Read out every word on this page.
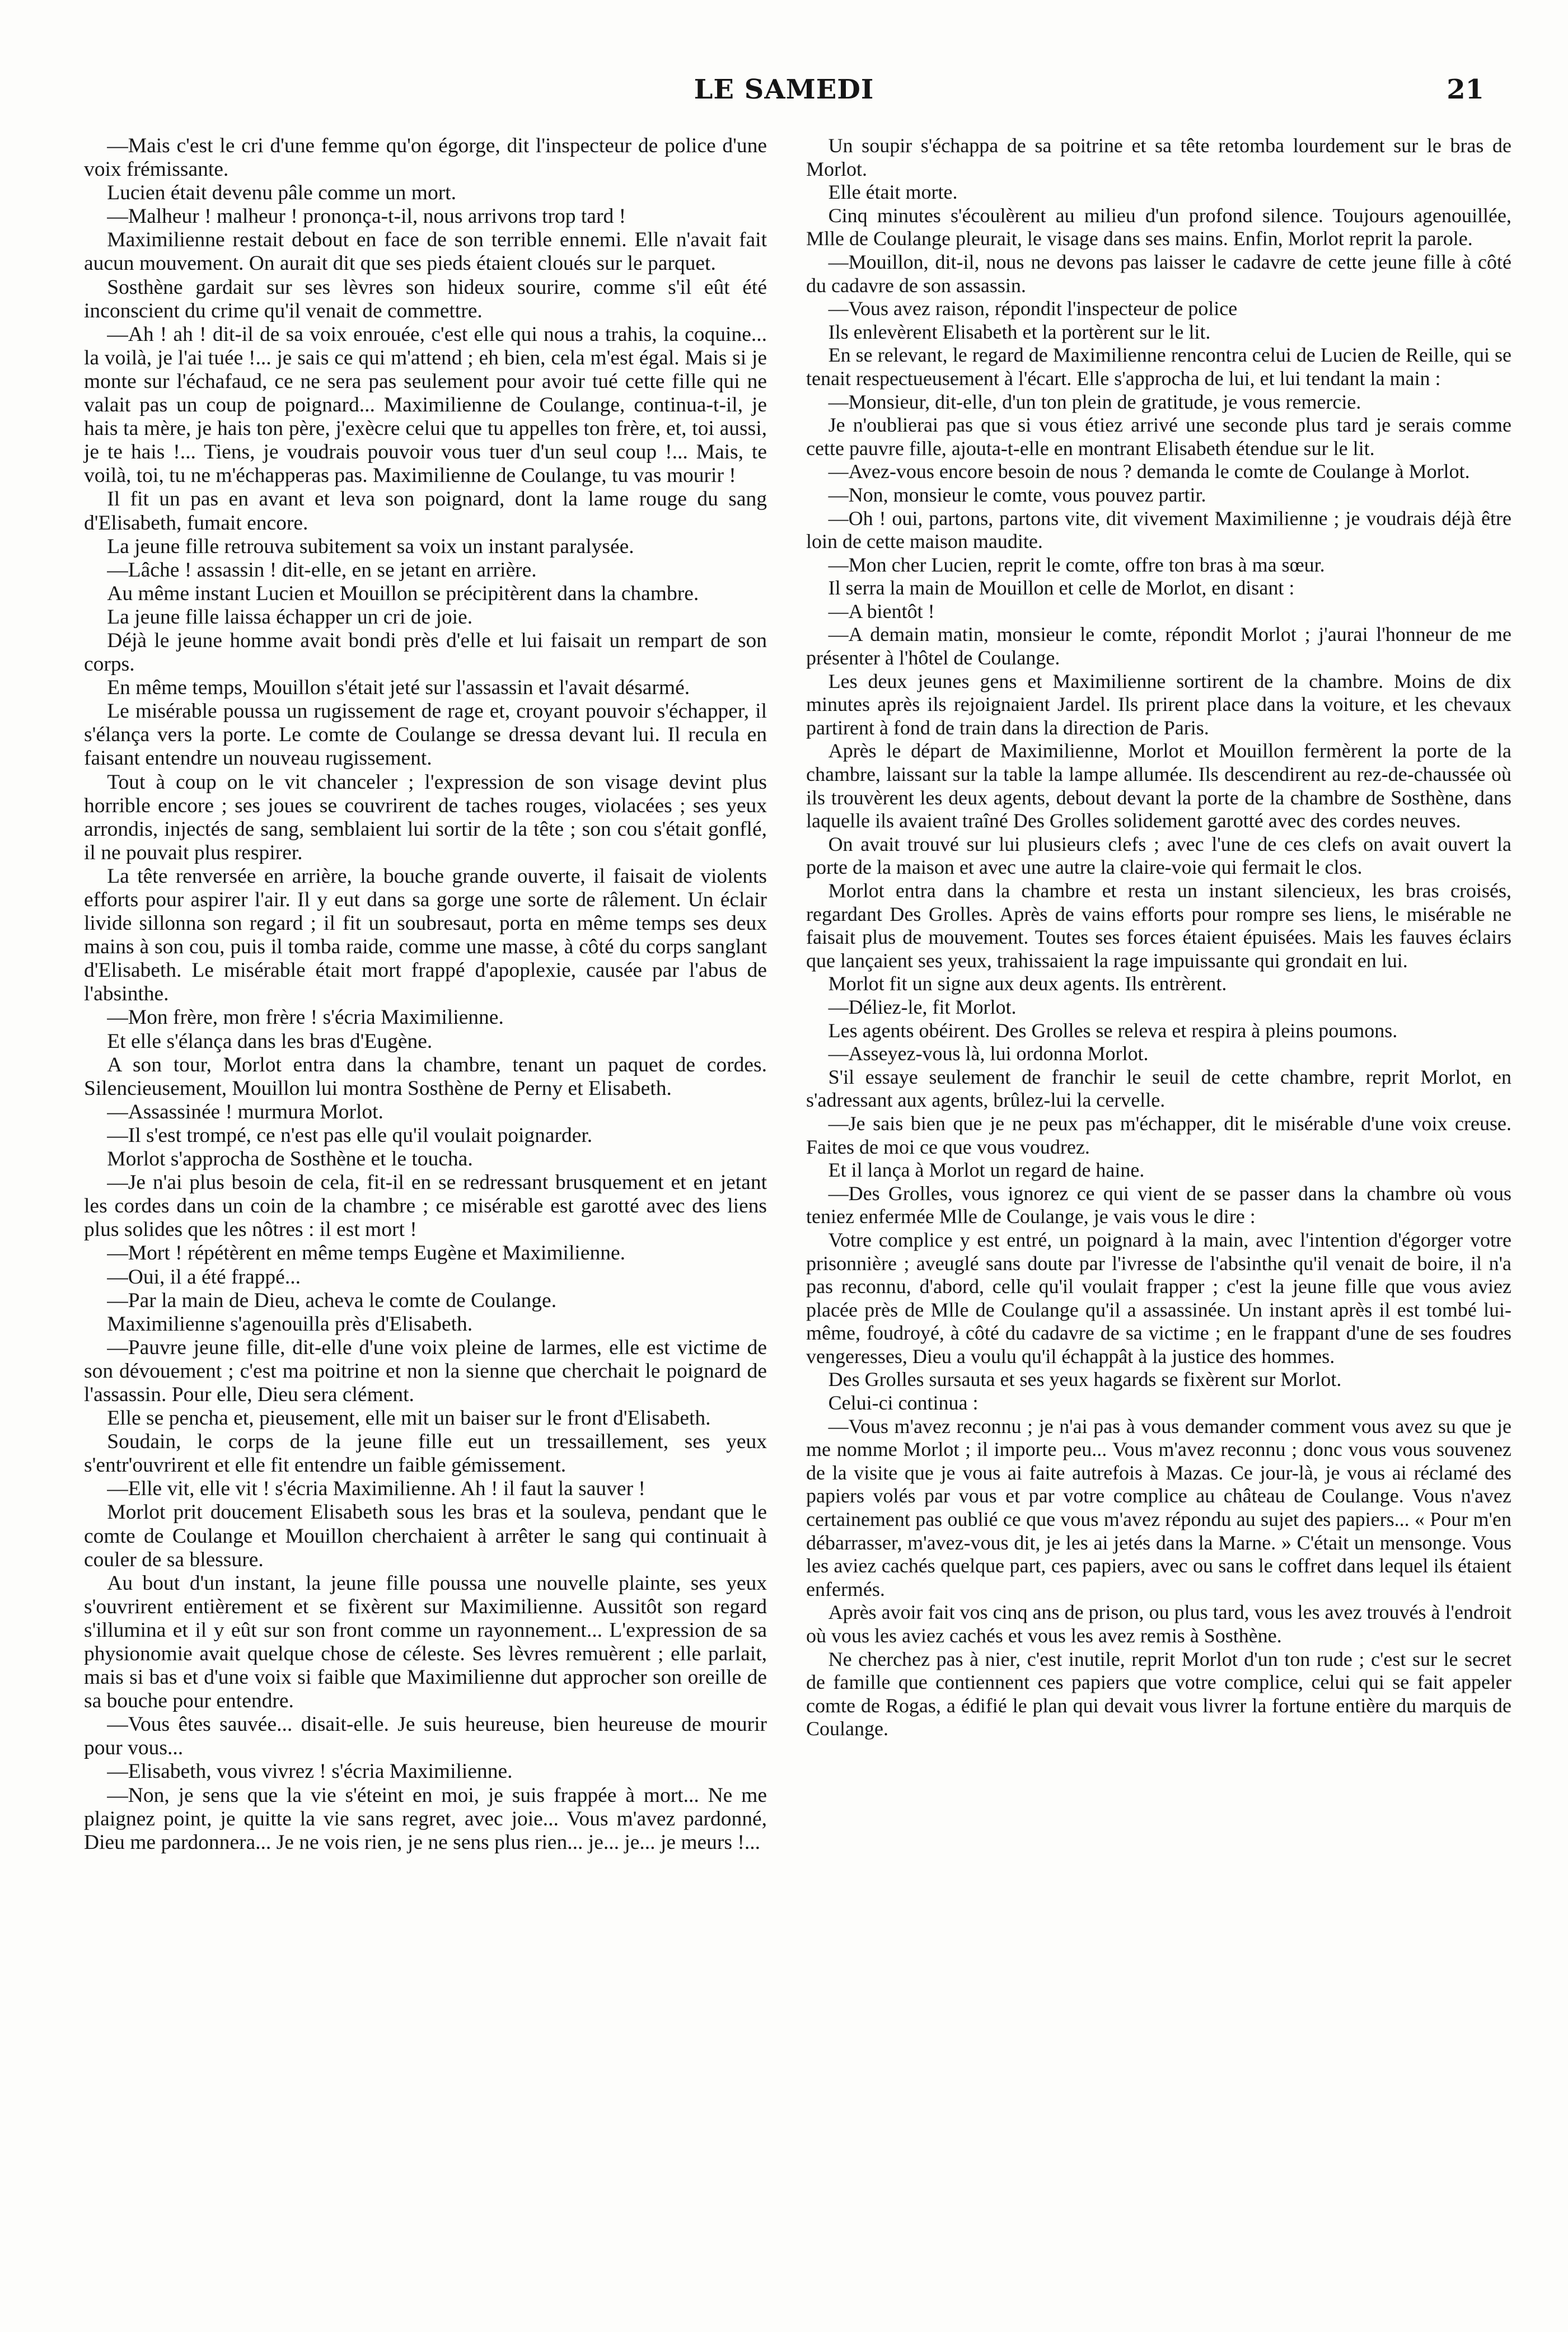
LE SAMEDI	21

—Mais c'est le cri d'une femme qu'on égorge, dit l'inspecteur de police d'une voix frémissante.

Lucien était devenu pâle comme un mort.

—Malheur ! malheur ! prononça-t-il, nous arrivons trop tard !

Maximilienne restait debout en face de son terrible ennemi. Elle n'avait fait aucun mouvement. On aurait dit que ses pieds étaient cloués sur le parquet.

Sosthène gardait sur ses lèvres son hideux sourire, comme s'il eût été inconscient du crime qu'il venait de commettre.

—Ah ! ah ! dit-il de sa voix enrouée, c'est elle qui nous a trahis, la coquine... la voilà, je l'ai tuée !... je sais ce qui m'attend ; eh bien, cela m'est égal. Mais si je monte sur l'échafaud, ce ne sera pas seulement pour avoir tué cette fille qui ne valait pas un coup de poignard... Maximilienne de Coulange, continua-t-il, je hais ta mère, je hais ton père, j'exècre celui que tu appelles ton frère, et, toi aussi, je te hais !... Tiens, je voudrais pouvoir vous tuer d'un seul coup !... Mais, te voilà, toi, tu ne m'échapperas pas. Maximilienne de Coulange, tu vas mourir !

Il fit un pas en avant et leva son poignard, dont la lame rouge du sang d'Elisabeth, fumait encore.

La jeune fille retrouva subitement sa voix un instant paralysée.

—Lâche ! assassin ! dit-elle, en se jetant en arrière.

Au même instant Lucien et Mouillon se précipitèrent dans la chambre.

La jeune fille laissa échapper un cri de joie.

Déjà le jeune homme avait bondi près d'elle et lui faisait un rempart de son corps.

En même temps, Mouillon s'était jeté sur l'assassin et l'avait désarmé.

Le misérable poussa un rugissement de rage et, croyant pouvoir s'échapper, il s'élança vers la porte. Le comte de Coulange se dressa devant lui. Il recula en faisant entendre un nouveau rugissement.

Tout à coup on le vit chanceler ; l'expression de son visage devint plus horrible encore ; ses joues se couvrirent de taches rouges, violacées ; ses yeux arrondis, injectés de sang, semblaient lui sortir de la tête ; son cou s'était gonflé, il ne pouvait plus respirer.

La tête renversée en arrière, la bouche grande ouverte, il faisait de violents efforts pour aspirer l'air. Il y eut dans sa gorge une sorte de râlement. Un éclair livide sillonna son regard ; il fit un soubresaut, porta en même temps ses deux mains à son cou, puis il tomba raide, comme une masse, à côté du corps sanglant d'Elisabeth. Le misérable était mort frappé d'apoplexie, causée par l'abus de l'absinthe.

—Mon frère, mon frère ! s'écria Maximilienne.

Et elle s'élança dans les bras d'Eugène.

A son tour, Morlot entra dans la chambre, tenant un paquet de cordes. Silencieusement, Mouillon lui montra Sosthène de Perny et Elisabeth.

—Assassinée ! murmura Morlot.

—Il s'est trompé, ce n'est pas elle qu'il voulait poignarder.

Morlot s'approcha de Sosthène et le toucha.

—Je n'ai plus besoin de cela, fit-il en se redressant brusquement et en jetant les cordes dans un coin de la chambre ; ce misérable est garotté avec des liens plus solides que les nôtres : il est mort !

—Mort ! répétèrent en même temps Eugène et Maximilienne.

—Oui, il a été frappé...

—Par la main de Dieu, acheva le comte de Coulange.

Maximilienne s'agenouilla près d'Elisabeth.

—Pauvre jeune fille, dit-elle d'une voix pleine de larmes, elle est victime de son dévouement ; c'est ma poitrine et non la sienne que cherchait le poignard de l'assassin. Pour elle, Dieu sera clément.

Elle se pencha et, pieusement, elle mit un baiser sur le front d'Elisabeth.

Soudain, le corps de la jeune fille eut un tressaillement, ses yeux s'entr'ouvrirent et elle fit entendre un faible gémissement.

—Elle vit, elle vit ! s'écria Maximilienne. Ah ! il faut la sauver !

Morlot prit doucement Elisabeth sous les bras et la souleva, pendant que le comte de Coulange et Mouillon cherchaient à arrêter le sang qui continuait à couler de sa blessure.

Au bout d'un instant, la jeune fille poussa une nouvelle plainte, ses yeux s'ouvrirent entièrement et se fixèrent sur Maximilienne. Aussitôt son regard s'illumina et il y eût sur son front comme un rayonnement... L'expression de sa physionomie avait quelque chose de céleste. Ses lèvres remuèrent ; elle parlait, mais si bas et d'une voix si faible que Maximilienne dut approcher son oreille de sa bouche pour entendre.

—Vous êtes sauvée... disait-elle. Je suis heureuse, bien heureuse de mourir pour vous...

—Elisabeth, vous vivrez ! s'écria Maximilienne.

—Non, je sens que la vie s'éteint en moi, je suis frappée à mort... Ne me plaignez point, je quitte la vie sans regret, avec joie... Vous m'avez pardonné, Dieu me pardonnera... Je ne vois rien, je ne sens plus rien... je... je... je meurs !...

Un soupir s'échappa de sa poitrine et sa tête retomba lourdement sur le bras de Morlot.

Elle était morte.

Cinq minutes s'écoulèrent au milieu d'un profond silence. Toujours agenouillée, Mlle de Coulange pleurait, le visage dans ses mains. Enfin, Morlot reprit la parole.

—Mouillon, dit-il, nous ne devons pas laisser le cadavre de cette jeune fille à côté du cadavre de son assassin.

—Vous avez raison, répondit l'inspecteur de police

Ils enlevèrent Elisabeth et la portèrent sur le lit.

En se relevant, le regard de Maximilienne rencontra celui de Lucien de Reille, qui se tenait respectueusement à l'écart. Elle s'approcha de lui, et lui tendant la main :

—Monsieur, dit-elle, d'un ton plein de gratitude, je vous remercie.

Je n'oublierai pas que si vous étiez arrivé une seconde plus tard je serais comme cette pauvre fille, ajouta-t-elle en montrant Elisabeth étendue sur le lit.

—Avez-vous encore besoin de nous ? demanda le comte de Coulange à Morlot.

—Non, monsieur le comte, vous pouvez partir.

—Oh ! oui, partons, partons vite, dit vivement Maximilienne ; je voudrais déjà être loin de cette maison maudite.

—Mon cher Lucien, reprit le comte, offre ton bras à ma sœur.

Il serra la main de Mouillon et celle de Morlot, en disant :

—A bientôt !

—A demain matin, monsieur le comte, répondit Morlot ; j'aurai l'honneur de me présenter à l'hôtel de Coulange.

Les deux jeunes gens et Maximilienne sortirent de la chambre. Moins de dix minutes après ils rejoignaient Jardel. Ils prirent place dans la voiture, et les chevaux partirent à fond de train dans la direction de Paris.

Après le départ de Maximilienne, Morlot et Mouillon fermèrent la porte de la chambre, laissant sur la table la lampe allumée. Ils descendirent au rez-de-chaussée où ils trouvèrent les deux agents, debout devant la porte de la chambre de Sosthène, dans laquelle ils avaient traîné Des Grolles solidement garotté avec des cordes neuves.

On avait trouvé sur lui plusieurs clefs ; avec l'une de ces clefs on avait ouvert la porte de la maison et avec une autre la claire-voie qui fermait le clos.

Morlot entra dans la chambre et resta un instant silencieux, les bras croisés, regardant Des Grolles. Après de vains efforts pour rompre ses liens, le misérable ne faisait plus de mouvement. Toutes ses forces étaient épuisées. Mais les fauves éclairs que lançaient ses yeux, trahissaient la rage impuissante qui grondait en lui.

Morlot fit un signe aux deux agents. Ils entrèrent.

—Déliez-le, fit Morlot.

Les agents obéirent. Des Grolles se releva et respira à pleins poumons.

—Asseyez-vous là, lui ordonna Morlot.

S'il essaye seulement de franchir le seuil de cette chambre, reprit Morlot, en s'adressant aux agents, brûlez-lui la cervelle.

—Je sais bien que je ne peux pas m'échapper, dit le misérable d'une voix creuse. Faites de moi ce que vous voudrez.

Et il lança à Morlot un regard de haine.

—Des Grolles, vous ignorez ce qui vient de se passer dans la chambre où vous teniez enfermée Mlle de Coulange, je vais vous le dire :

Votre complice y est entré, un poignard à la main, avec l'intention d'égorger votre prisonnière ; aveuglé sans doute par l'ivresse de l'absinthe qu'il venait de boire, il n'a pas reconnu, d'abord, celle qu'il voulait frapper ; c'est la jeune fille que vous aviez placée près de Mlle de Coulange qu'il a assassinée. Un instant après il est tombé lui-même, foudroyé, à côté du cadavre de sa victime ; en le frappant d'une de ses foudres vengeresses, Dieu a voulu qu'il échappât à la justice des hommes.

Des Grolles sursauta et ses yeux hagards se fixèrent sur Morlot.

Celui-ci continua :

—Vous m'avez reconnu ; je n'ai pas à vous demander comment vous avez su que je me nomme Morlot ; il importe peu... Vous m'avez reconnu ; donc vous vous souvenez de la visite que je vous ai faite autrefois à Mazas. Ce jour-là, je vous ai réclamé des papiers volés par vous et par votre complice au château de Coulange. Vous n'avez certainement pas oublié ce que vous m'avez répondu au sujet des papiers... « Pour m'en débarrasser, m'avez-vous dit, je les ai jetés dans la Marne. » C'était un mensonge. Vous les aviez cachés quelque part, ces papiers, avec ou sans le coffret dans lequel ils étaient enfermés.

Après avoir fait vos cinq ans de prison, ou plus tard, vous les avez trouvés à l'endroit où vous les aviez cachés et vous les avez remis à Sosthène.

Ne cherchez pas à nier, c'est inutile, reprit Morlot d'un ton rude ; c'est sur le secret de famille que contiennent ces papiers que votre complice, celui qui se fait appeler comte de Rogas, a édifié le plan qui devait vous livrer la fortune entière du marquis de Coulange.
